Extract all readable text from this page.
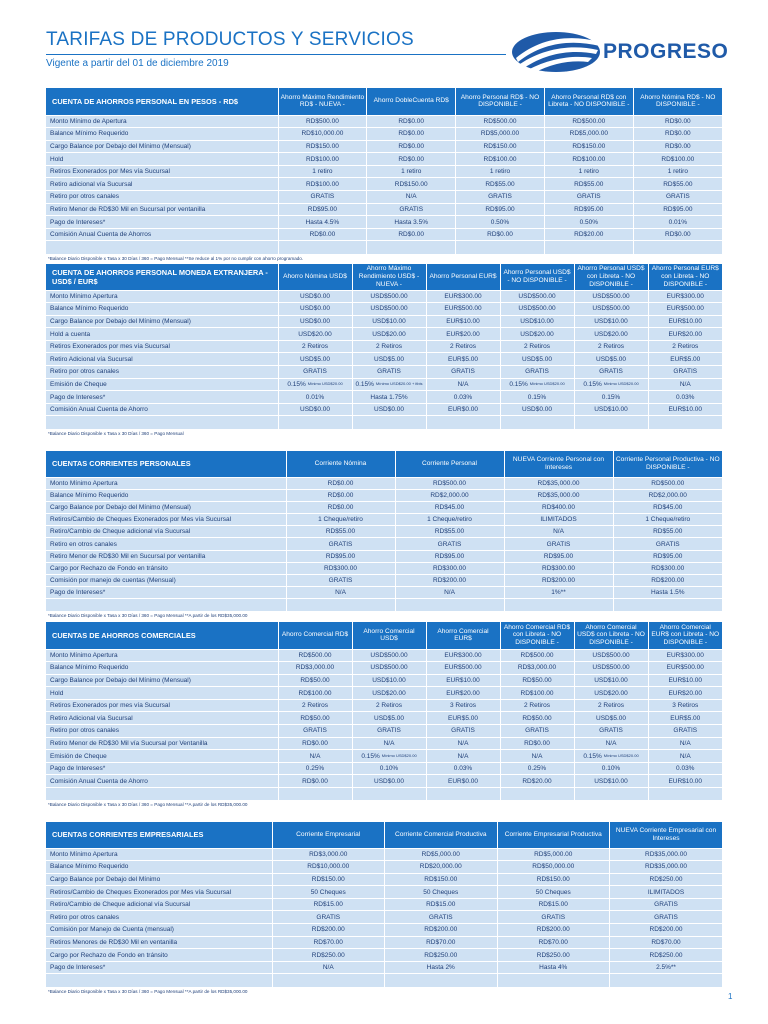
TARIFAS DE PRODUCTOS Y SERVICIOS
Vigente a partir del 01 de diciembre 2019
PROGRESO
CUENTA DE AHORROS PERSONAL EN PESOS - RD$	Ahorro Máximo Rendimiento RD$ - NUEVA -	Ahorro DobleCuenta RD$	Ahorro Personal RD$ - NO DISPONIBLE -	Ahorro Personal RD$ con Libreta - NO DISPONIBLE -	Ahorro Nómina RD$ - NO DISPONIBLE -
Monto Mínimo de Apertura	RD$500.00	RD$0.00	RD$500.00	RD$500.00	RD$0.00
Balance Mínimo Requerido	RD$10,000.00	RD$0.00	RD$5,000.00	RD$5,000.00	RD$0.00
Cargo Balance por Debajo del Mínimo (Mensual)	RD$150.00	RD$0.00	RD$150.00	RD$150.00	RD$0.00
Hold	RD$100.00	RD$0.00	RD$100.00	RD$100.00	RD$100.00
Retiros Exonerados por Mes vía Sucursal	1 retiro	1 retiro	1 retiro	1 retiro	1 retiro
Retiro adicional vía Sucursal	RD$100.00	RD$150.00	RD$55.00	RD$55.00	RD$55.00
Retiro por otros canales	GRATIS	N/A	GRATIS	GRATIS	GRATIS
Retiro Menor de RD$30 Mil en Sucursal por ventanilla	RD$95.00	GRATIS	RD$95.00	RD$95.00	RD$95.00
Pago de Intereses*	Hasta 4.5%	Hasta 3.5%	0.50%	0.50%	0.01%
Comisión Anual Cuenta de Ahorros	RD$0.00	RD$0.00	RD$0.00	RD$20.00	RD$0.00

*Balance Diario Disponible x Tasa x 30 Días / 360 = Pago Mensual **Se reduce al 1% por no cumplir con ahorro programado.
CUENTA DE AHORROS PERSONAL MONEDA EXTRANJERA - USD$ / EUR$	Ahorro Nómina USD$	Ahorro Máximo Rendimiento USD$ - NUEVA -	Ahorro Personal EUR$	Ahorro Personal USD$ - NO DISPONIBLE -	Ahorro Personal USD$ con Libreta - NO DISPONIBLE -	Ahorro Personal EUR$ con Libreta - NO DISPONIBLE -
Monto Mínimo Apertura	USD$0.00	USD$500.00	EUR$300.00	USD$500.00	USD$500.00	EUR$300.00
Balance Mínimo Requerido	USD$0.00	USD$500.00	EUR$500.00	USD$500.00	USD$500.00	EUR$500.00
Cargo Balance por Debajo del Mínimo (Mensual)	USD$0.00	USD$10.00	EUR$10.00	USD$10.00	USD$10.00	EUR$10.00
Hold a cuenta	USD$20.00	USD$20.00	EUR$20.00	USD$20.00	USD$20.00	EUR$20.00
Retiros Exonerados por mes vía Sucursal	2 Retiros	2 Retiros	2 Retiros	2 Retiros	2 Retiros	2 Retiros
Retiro Adicional vía Sucursal	USD$5.00	USD$5.00	EUR$5.00	USD$5.00	USD$5.00	EUR$5.00
Retiro por otros canales	GRATIS	GRATIS	GRATIS	GRATIS	GRATIS	GRATIS
Emisión de Cheque	0.15% Mínimo USD$20.00	0.15% Mínimo USD$20.00 + itbis	N/A	0.15% Mínimo USD$20.00	0.15% Mínimo USD$20.00	N/A
Pago de Intereses*	0.01%	Hasta 1.75%	0.03%	0.15%	0.15%	0.03%
Comisión Anual Cuenta de Ahorro	USD$0.00	USD$0.00	EUR$0.00	USD$0.00	USD$10.00	EUR$10.00

*Balance Diario Disponible x Tasa x 30 Días / 360 = Pago Mensual
CUENTAS CORRIENTES PERSONALES	Corriente Nómina	Corriente Personal	NUEVA Corriente Personal con Intereses	Corriente Personal Productiva - NO DISPONIBLE -
Monto Mínimo Apertura	RD$0.00	RD$500.00	RD$35,000.00	RD$500.00
Balance Mínimo Requerido	RD$0.00	RD$2,000.00	RD$35,000.00	RD$2,000.00
Cargo Balance por Debajo del Mínimo (Mensual)	RD$0.00	RD$45.00	RD$400.00	RD$45.00
Retiros/Cambio de Cheques Exonerados por Mes vía Sucursal	1 Cheque/retiro	1 Cheque/retiro	ILIMITADOS	1 Cheque/retiro
Retiro/Cambio de Cheque adicional vía Sucursal	RD$55.00	RD$55.00	N/A	RD$55.00
Retiro en otros canales	GRATIS	GRATIS	GRATIS	GRATIS
Retiro Menor de RD$30 Mil en Sucursal por ventanilla	RD$95.00	RD$95.00	RD$95.00	RD$95.00
Cargo por Rechazo de Fondo en tránsito	RD$300.00	RD$300.00	RD$300.00	RD$300.00
Comisión por manejo de cuentas (Mensual)	GRATIS	RD$200.00	RD$200.00	RD$200.00
Pago de Intereses*	N/A	N/A	1%**	Hasta 1.5%

*Balance Diario Disponible x Tasa x 30 Días / 360 = Pago Mensual **A partir de los RD$35,000.00
CUENTAS DE AHORROS COMERCIALES	Ahorro Comercial RD$	Ahorro Comercial USD$	Ahorro Comercial EUR$	Ahorro Comercial RD$ con Libreta - NO DISPONIBLE -	Ahorro Comercial USD$ con Libreta - NO DISPONIBLE -	Ahorro Comercial EUR$ con Libreta - NO DISPONIBLE -
Monto Mínimo Apertura	RD$500.00	USD$500.00	EUR$300.00	RD$500.00	USD$500.00	EUR$300.00
Balance Mínimo Requerido	RD$3,000.00	USD$500.00	EUR$500.00	RD$3,000.00	USD$500.00	EUR$500.00
Cargo Balance por Debajo del Mínimo (Mensual)	RD$50.00	USD$10.00	EUR$10.00	RD$50.00	USD$10.00	EUR$10.00
Hold	RD$100.00	USD$20.00	EUR$20.00	RD$100.00	USD$20.00	EUR$20.00
Retiros Exonerados por mes vía Sucursal	2 Retiros	2 Retiros	3 Retiros	2 Retiros	2 Retiros	3 Retiros
Retiro Adicional vía Sucursal	RD$50.00	USD$5.00	EUR$5.00	RD$50.00	USD$5.00	EUR$5.00
Retiro por otros canales	GRATIS	GRATIS	GRATIS	GRATIS	GRATIS	GRATIS
Retiro Menor de RD$30 Mil vía Sucursal por Ventanilla	RD$0.00	N/A	N/A	RD$0.00	N/A	N/A
Emisión de Cheque	N/A	0.15% Mínimo USD$20.00	N/A	N/A	0.15% Mínimo USD$20.00	N/A
Pago de Intereses*	0.25%	0.10%	0.03%	0.25%	0.10%	0.03%
Comisión Anual Cuenta de Ahorro	RD$0.00	USD$0.00	EUR$0.00	RD$20.00	USD$10.00	EUR$10.00

*Balance Diario Disponible x Tasa x 30 Días / 360 = Pago Mensual **A partir de los RD$35,000.00
CUENTAS CORRIENTES EMPRESARIALES	Corriente Empresarial	Corriente Comercial Productiva	Corriente Empresarial Productiva	NUEVA Corriente Empresarial con Intereses
Monto Mínimo Apertura	RD$3,000.00	RD$5,000.00	RD$5,000.00	RD$35,000.00
Balance Mínimo Requerido	RD$10,000.00	RD$20,000.00	RD$50,000.00	RD$35,000.00
Cargo Balance por Debajo del Mínimo	RD$150.00	RD$150.00	RD$150.00	RD$250.00
Retiros/Cambio de Cheques Exonerados por Mes vía Sucursal	50 Cheques	50 Cheques	50 Cheques	ILIMITADOS
Retiro/Cambio de Cheque adicional vía Sucursal	RD$15.00	RD$15.00	RD$15.00	GRATIS
Retiro por otros canales	GRATIS	GRATIS	GRATIS	GRATIS
Comisión por Manejo de Cuenta (mensual)	RD$200.00	RD$200.00	RD$200.00	RD$200.00
Retiros Menores de RD$30 Mil en ventanilla	RD$70.00	RD$70.00	RD$70.00	RD$70.00
Cargo por Rechazo de Fondo en tránsito	RD$250.00	RD$250.00	RD$250.00	RD$250.00
Pago de Intereses*	N/A	Hasta 2%	Hasta 4%	2.5%**

*Balance Diario Disponible x Tasa x 30 Días / 360 = Pago Mensual **A partir de los RD$35,000.00
1
